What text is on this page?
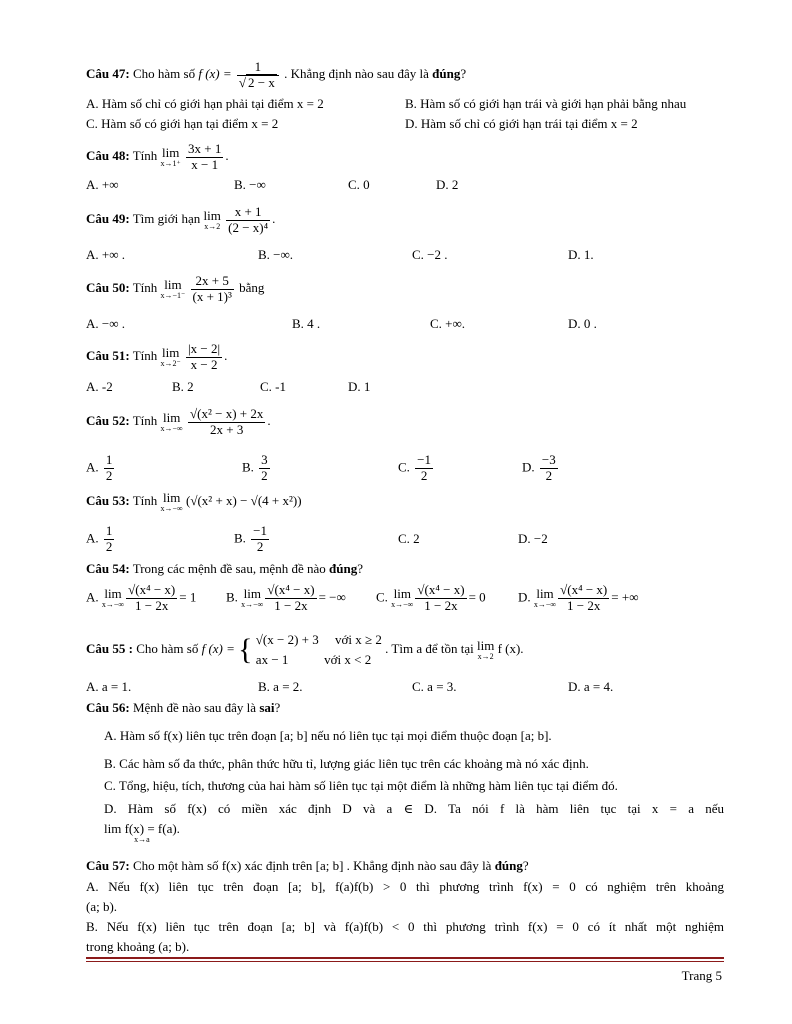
Câu 47: Cho hàm số f $(x) = \frac{1}{√ 2 - x}$ . Khẳng định nào sau đây là đúng?
A. Hàm số chỉ có giới hạn phải tại điểm x = 2	B. Hàm số có giới hạn trái và giới hạn phải bằng nhau
C. Hàm số có giới hạn tại điểm x = 2	D. Hàm số chỉ có giới hạn trái tại điểm x = 2
Câu 48: Tính lim
x→1⁺
$\frac{3x + 1}{x - 1}$ .
A. +∞	B. −∞	C. 0	D. 2
Câu 49: Tìm giới hạn lim
x→2
$\frac{x + 1}{\text{(2 − x)⁴}}$ .
A. +∞ .	B. −∞.	C. −2 .	D. 1.
Câu 50: Tính lim
x→−1⁻
$\frac{2x + 5}{\text{(x + 1)³}}$ bằng
A. −∞ .	B. 4 .	C. +∞.	D. 0 .
Câu 51: Tính lim
x→2⁻
$\frac{|x - 2|}{x - 2}$ .
A. -2	B. 2	C. -1	D. 1
Câu 52: Tính lim
x→−∞
$\frac{\text{√(x² − x) + 2x}}{2x + 3}$ .
A. $\frac{1}{2}$	B. $\frac{3}{2}$	C. $\frac{-1}{2}$	D. $\frac{-3}{2}$
Câu 53: Tính lim
x→−∞
(√(x² + x) − √(4 + x²))
A. $\frac{1}{2}$	B. $\frac{-1}{2}$	C. 2	D. −2
Câu 54: Trong các mệnh đề sau, mệnh đề nào đúng?
A. lim
$x\to-\infty \frac{\text{√(x⁴ − x)}}{1 - 2x} = 1$ B. lim
$x\to-\infty \frac{\text{√(x⁴ − x)}}{1 - 2x}$ = −∞ C. lim
$x\to-\infty \frac{\text{√(x⁴ − x)}}{1 - 2x} = 0$ D. lim
$x\to-\infty \frac{\text{√(x⁴ − x)}}{1 - 2x}$ = +∞
Câu 55 : Cho hàm số f (x) = { √(x − 2) + 3 với x ≥ 2
ax − 1	với x < 2
. Tìm a để tồn tại lim
x→2
f (x).
A. a = 1.	B. a = 2.	C. a = 3.	D. a = 4.
Câu 56: Mệnh đề nào sau đây là sai?
A. Hàm số f(x) liên tục trên đoạn [a; b] nếu nó liên tục tại mọi điểm thuộc đoạn [a; b].
B. Các hàm số đa thức, phân thức hữu tỉ, lượng giác liên tục trên các khoảng mà nó xác định.
C. Tổng, hiệu, tích, thương của hai hàm số liên tục tại một điểm là những hàm liên tục tại điểm đó.
D. Hàm số f(x) có miền xác định D và a ∈ D. Ta nói f là hàm liên tục tại x = a nếu
lim f(x) = f(a).
x→a
Câu 57: Cho một hàm số f(x) xác định trên [a; b] . Khẳng định nào sau đây là đúng?
A. Nếu f(x) liên tục trên đoạn [a; b], f(a)f(b) > 0 thì phương trình f(x) = 0 có nghiệm trên khoảng
(a; b).
B. Nếu f(x) liên tục trên đoạn [a; b] và f(a)f(b) < 0 thì phương trình f(x) = 0 có ít nhất một nghiệm
trong khoảng (a; b).
Trang 5
